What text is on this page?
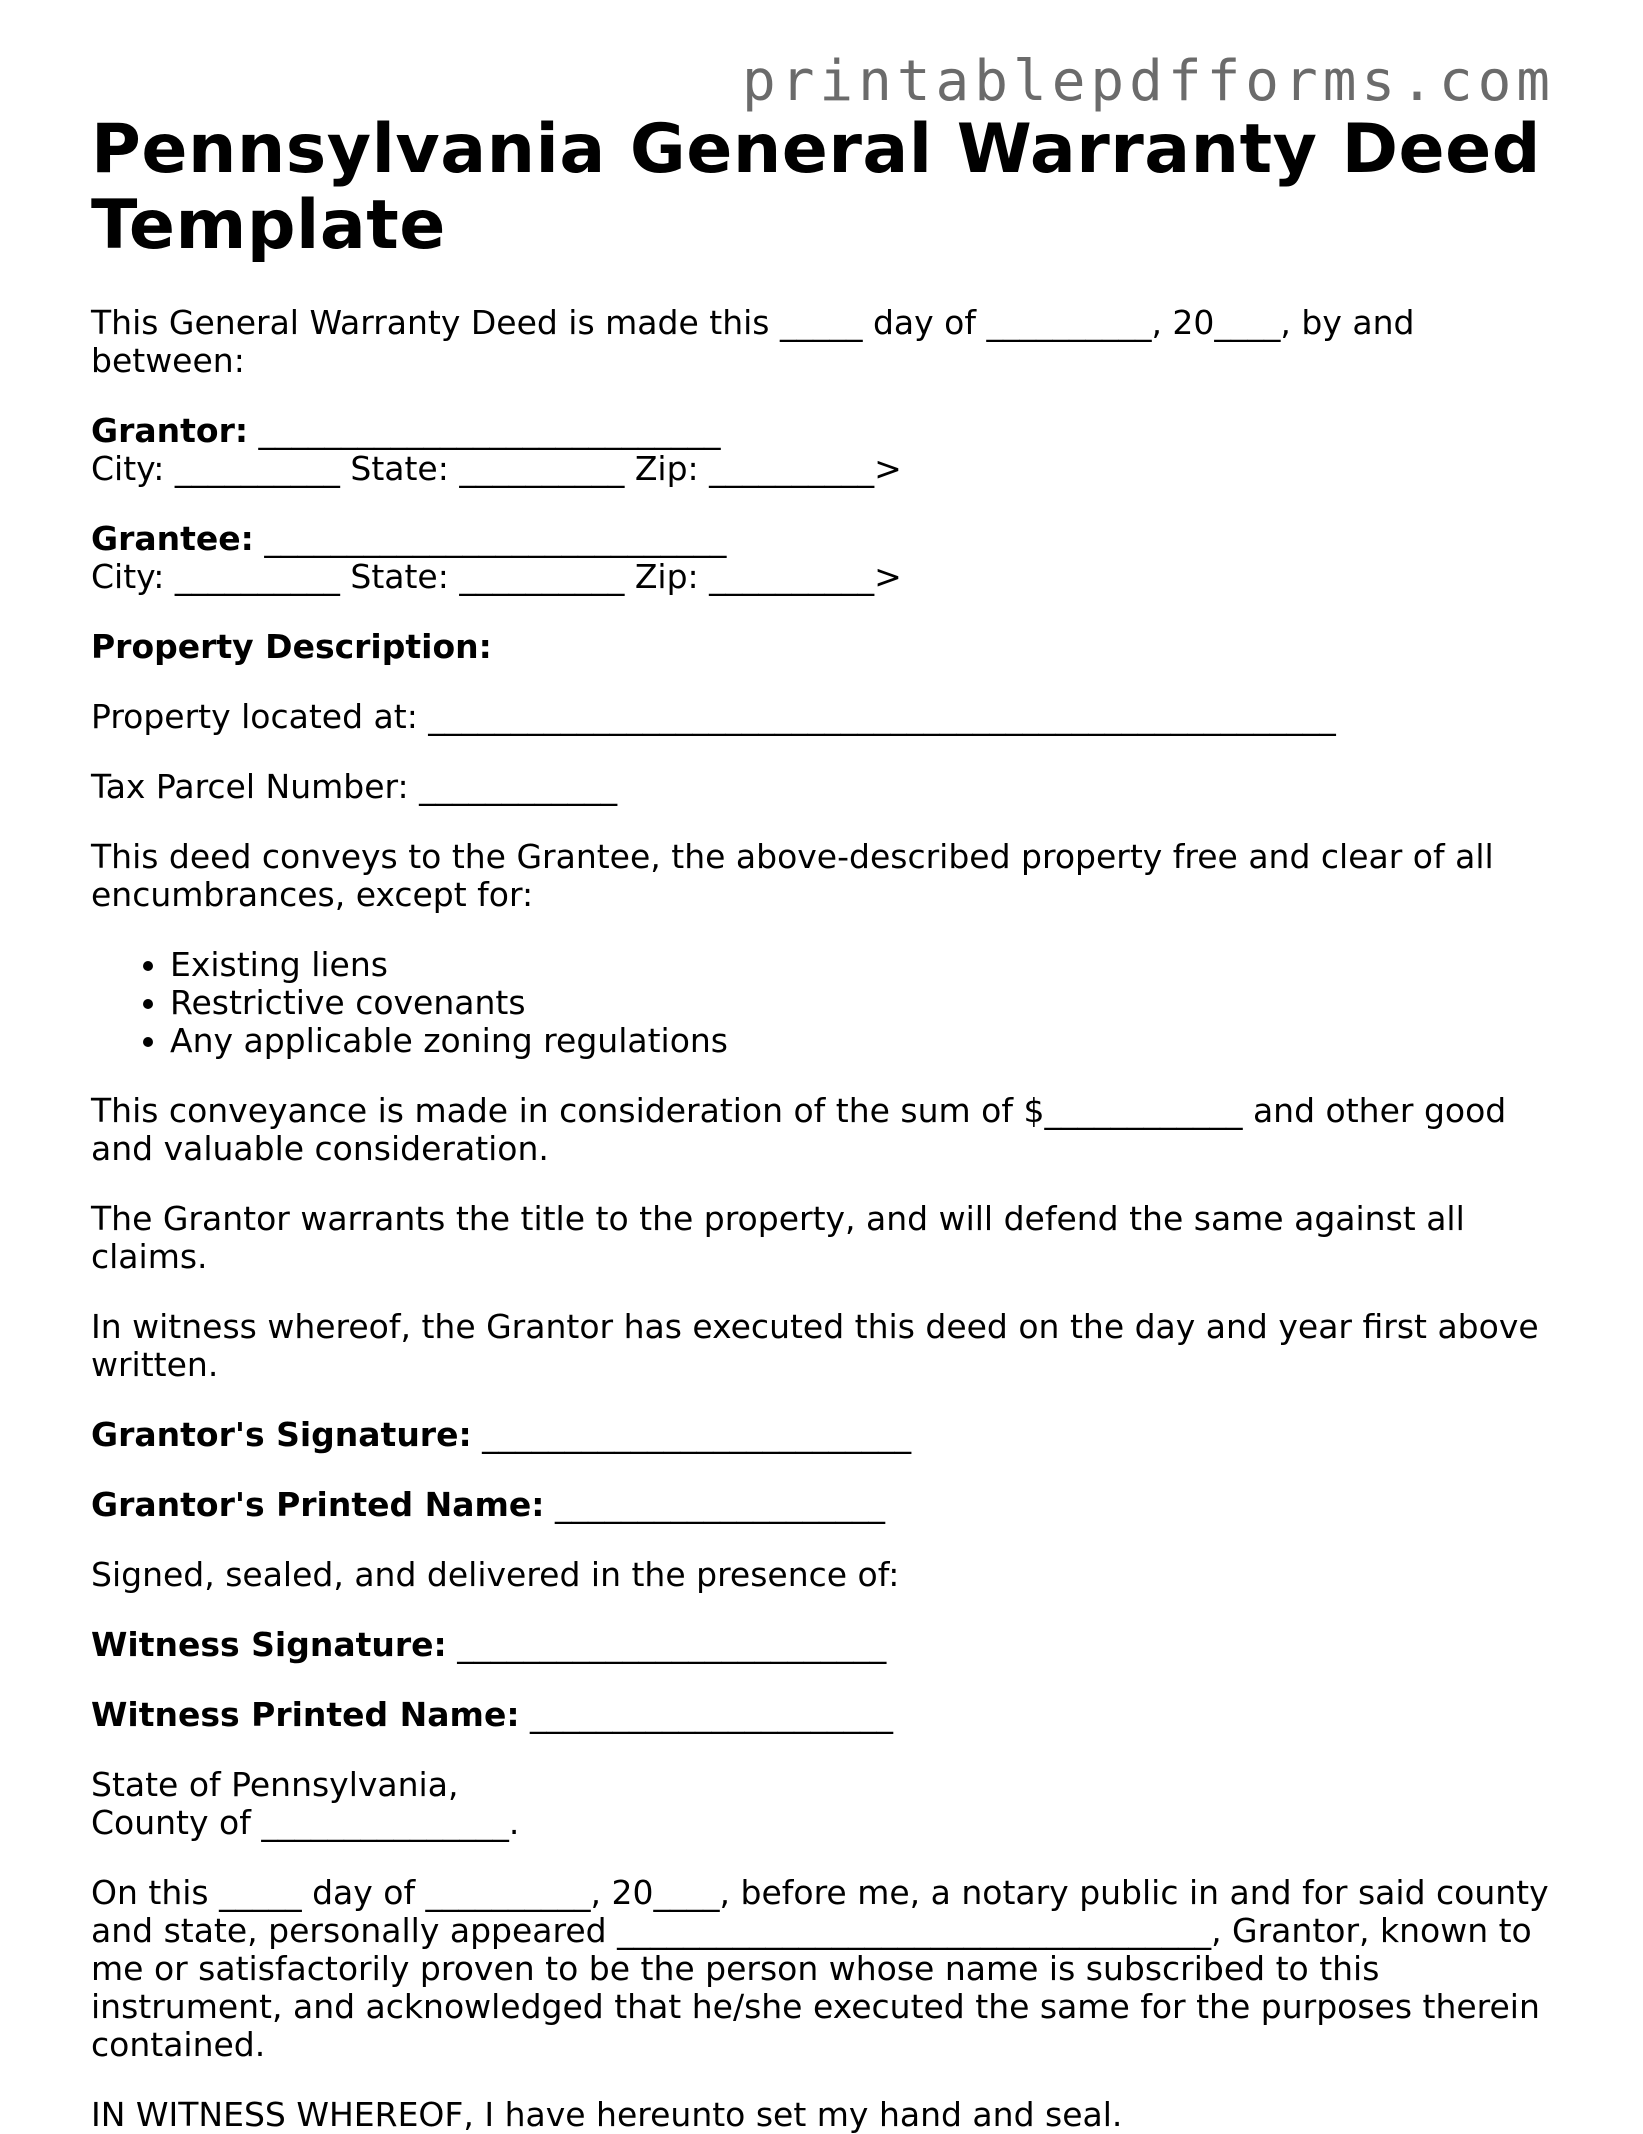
printablepdfforms.com
Pennsylvania General Warranty Deed Template

This General Warranty Deed is made this _____ day of __________, 20____, by and between:

Grantor: ____________________________

City: __________ State: __________ Zip: __________>

Grantee: ____________________________

City: __________ State: __________ Zip: __________>

Property Description:

Property located at: _______________________________________________________

Tax Parcel Number: ____________

This deed conveys to the Grantee, the above-described property free and clear of all encumbrances, except for:

• Existing liens
• Restrictive covenants
• Any applicable zoning regulations

This conveyance is made in consideration of the sum of $____________ and other good and valuable consideration.

The Grantor warrants the title to the property, and will defend the same against all claims.

In witness whereof, the Grantor has executed this deed on the day and year first above written.

Grantor's Signature: __________________________

Grantor's Printed Name: ____________________

Signed, sealed, and delivered in the presence of:

Witness Signature: __________________________

Witness Printed Name: ______________________

State of Pennsylvania,

County of _______________.

On this _____ day of __________, 20____, before me, a notary public in and for said county and state, personally appeared ____________________________________, Grantor, known to me or satisfactorily proven to be the person whose name is subscribed to this instrument, and acknowledged that he/she executed the same for the purposes therein contained.

IN WITNESS WHEREOF, I have hereunto set my hand and seal.
